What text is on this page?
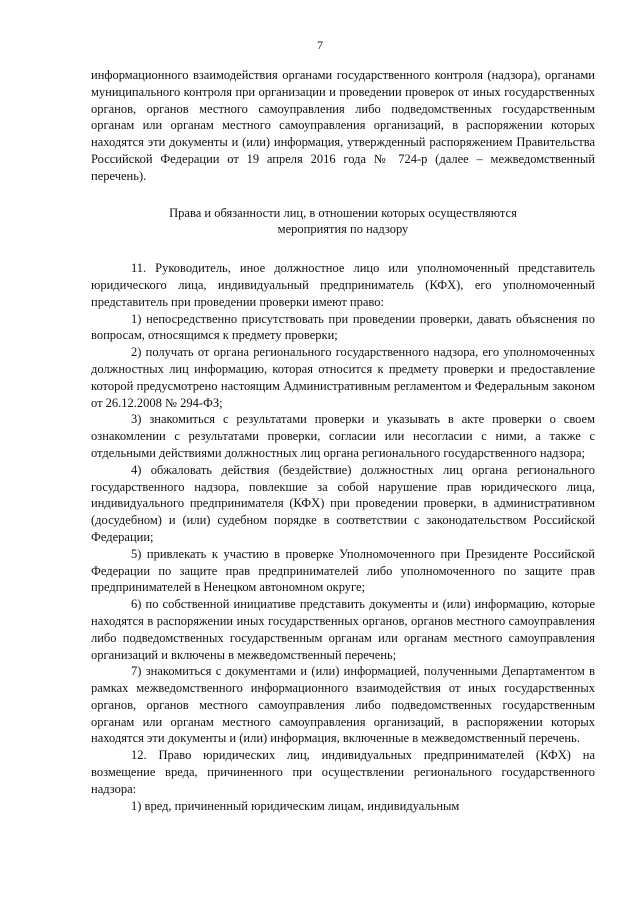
7

информационного взаимодействия органами государственного контроля (надзора), органами муниципального контроля при организации и проведении проверок от иных государственных органов, органов местного самоуправления либо подведомственных государственным органам или органам местного самоуправления организаций, в распоряжении которых находятся эти документы и (или) информация, утвержденный распоряжением Правительства Российской Федерации от 19 апреля 2016 года № 724-р (далее – межведомственный перечень).

Права и обязанности лиц, в отношении которых осуществляются
мероприятия по надзору

11. Руководитель, иное должностное лицо или уполномоченный представитель юридического лица, индивидуальный предприниматель (КФХ), его уполномоченный представитель при проведении проверки имеют право:

1) непосредственно присутствовать при проведении проверки, давать объяснения по вопросам, относящимся к предмету проверки;

2) получать от органа регионального государственного надзора, его уполномоченных должностных лиц информацию, которая относится к предмету проверки и предоставление которой предусмотрено настоящим Административным регламентом и Федеральным законом от 26.12.2008 № 294-ФЗ;

3) знакомиться с результатами проверки и указывать в акте проверки о своем ознакомлении с результатами проверки, согласии или несогласии с ними, а также с отдельными действиями должностных лиц органа регионального государственного надзора;

4) обжаловать действия (бездействие) должностных лиц органа регионального государственного надзора, повлекшие за собой нарушение прав юридического лица, индивидуального предпринимателя (КФХ) при проведении проверки, в административном (досудебном) и (или) судебном порядке в соответствии с законодательством Российской Федерации;

5) привлекать к участию в проверке Уполномоченного при Президенте Российской Федерации по защите прав предпринимателей либо уполномоченного по защите прав предпринимателей в Ненецком автономном округе;

6) по собственной инициативе представить документы и (или) информацию, которые находятся в распоряжении иных государственных органов, органов местного самоуправления либо подведомственных государственным органам или органам местного самоуправления организаций и включены в межведомственный перечень;

7) знакомиться с документами и (или) информацией, полученными Департаментом в рамках межведомственного информационного взаимодействия от иных государственных органов, органов местного самоуправления либо подведомственных государственным органам или органам местного самоуправления организаций, в распоряжении которых находятся эти документы и (или) информация, включенные в межведомственный перечень.

12. Право юридических лиц, индивидуальных предпринимателей (КФХ) на возмещение вреда, причиненного при осуществлении регионального государственного надзора:

1) вред, причиненный юридическим лицам, индивидуальным
